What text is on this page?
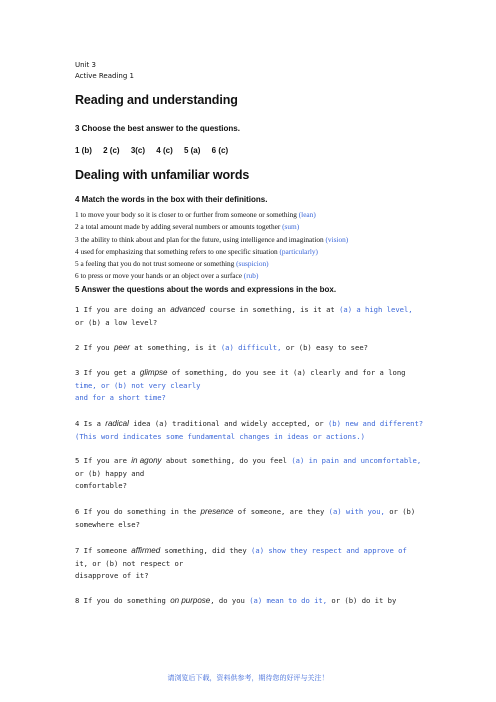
Unit 3
Active Reading 1
Reading and understanding
3 Choose the best answer to the questions.
1 (b) 2 (c) 3(c) 4 (c) 5 (a) 6 (c)
Dealing with unfamiliar words
4 Match the words in the box with their definitions.
1 to move your body so it is closer to or further from someone or something (lean)
2 a total amount made by adding several numbers or amounts together (sum)
3 the ability to think about and plan for the future, using intelligence and imagination (vision)
4 used for emphasizing that something refers to one specific situation (particularly)
5 a feeling that you do not trust someone or something (suspicion)
6 to press or move your hands or an object over a surface (rub)
5 Answer the questions about the words and expressions in the box.
1 If you are doing an advanced course in something, is it at (a) a high level,
or (b) a low level?
2 If you peer at something, is it (a) difficult, or (b) easy to see?
3 If you get a glimpse of something, do you see it (a) clearly and for a long
time, or (b) not very clearly
and for a short time?
4 Is a radical idea (a) traditional and widely accepted, or (b) new and different?
(This word indicates some fundamental changes in ideas or actions.)
5 If you are in agony about something, do you feel (a) in pain and uncomfortable,
or (b) happy and
comfortable?
6 If you do something in the presence of someone, are they (a) with you, or (b)
somewhere else?
7 If someone affirmed something, did they (a) show they respect and approve of
it, or (b) not respect or
disapprove of it?
8 If you do something on purpose, do you (a) mean to do it, or (b) do it by
请浏览后下载，资料供参考，期待您的好评与关注！
